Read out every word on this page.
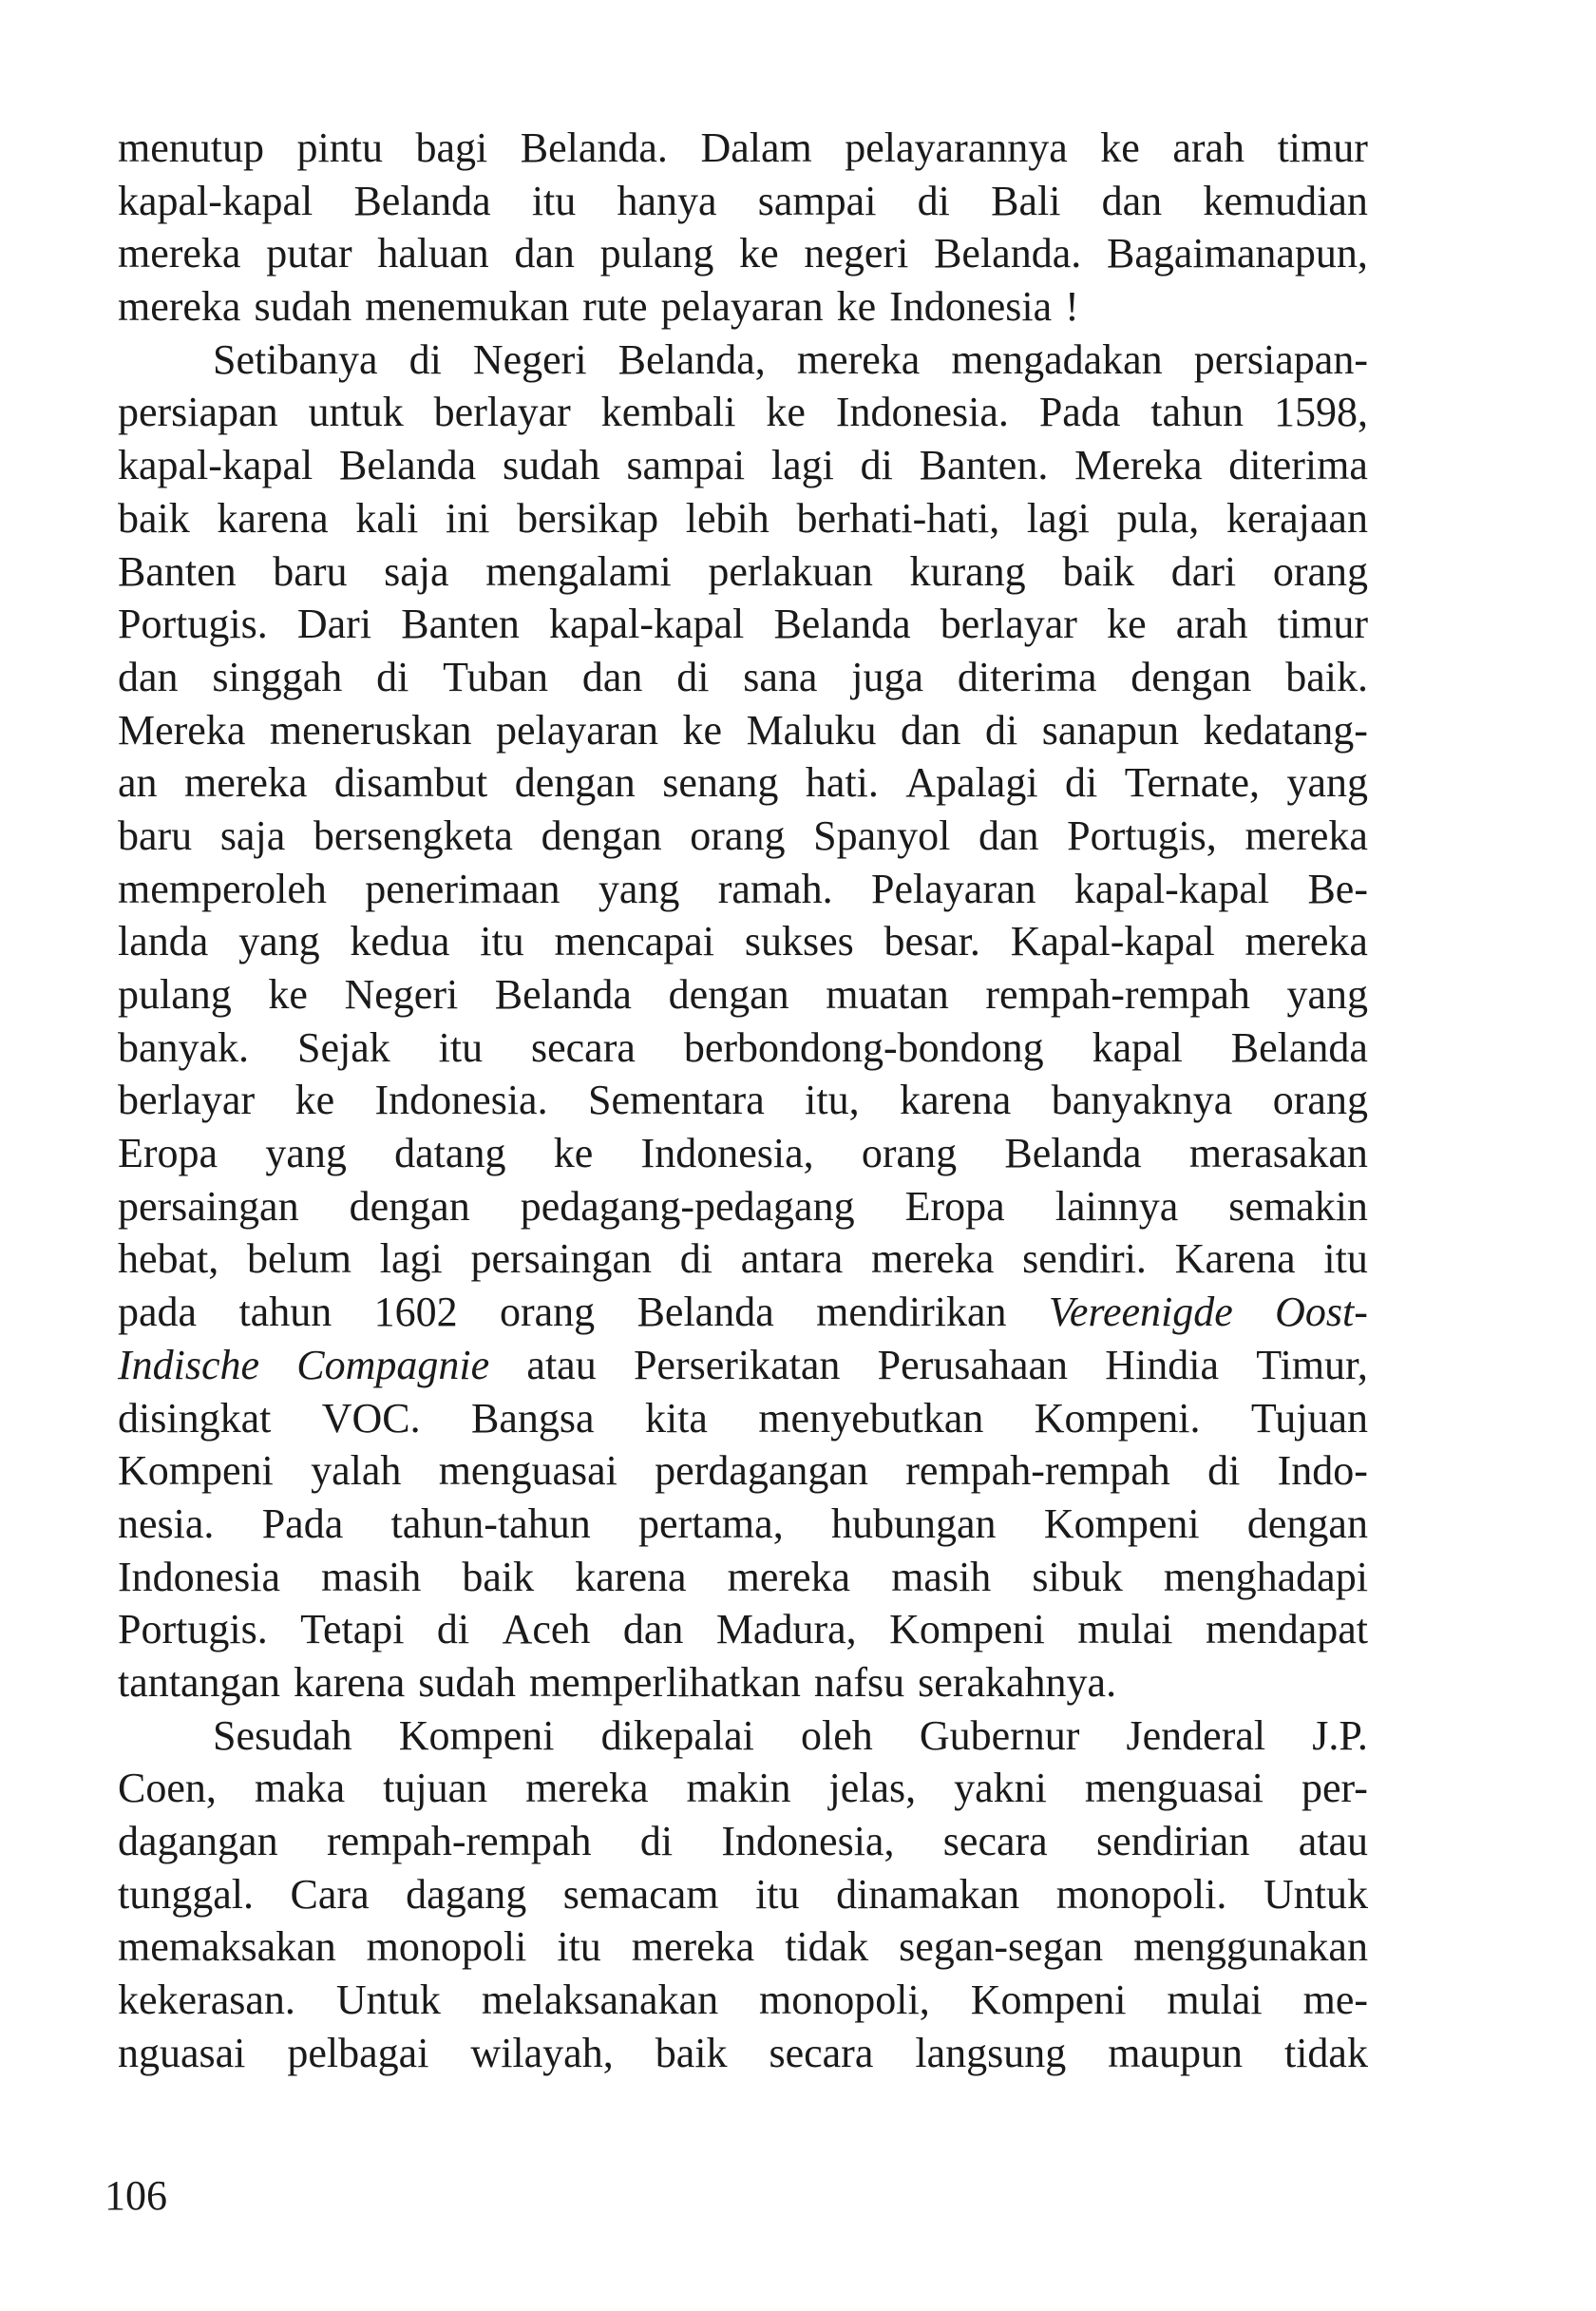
menutup pintu bagi Belanda. Dalam pelayarannya ke arah timur
kapal-kapal Belanda itu hanya sampai di Bali dan kemudian
mereka putar haluan dan pulang ke negeri Belanda. Bagaimanapun,
mereka sudah menemukan rute pelayaran ke Indonesia !
Setibanya di Negeri Belanda, mereka mengadakan persiapan-
persiapan untuk berlayar kembali ke Indonesia. Pada tahun 1598,
kapal-kapal Belanda sudah sampai lagi di Banten. Mereka diterima
baik karena kali ini bersikap lebih berhati-hati, lagi pula, kerajaan
Banten baru saja mengalami perlakuan kurang baik dari orang
Portugis. Dari Banten kapal-kapal Belanda berlayar ke arah timur
dan singgah di Tuban dan di sana juga diterima dengan baik.
Mereka meneruskan pelayaran ke Maluku dan di sanapun kedatang-
an mereka disambut dengan senang hati. Apalagi di Ternate, yang
baru saja bersengketa dengan orang Spanyol dan Portugis, mereka
memperoleh penerimaan yang ramah. Pelayaran kapal-kapal Be-
landa yang kedua itu mencapai sukses besar. Kapal-kapal mereka
pulang ke Negeri Belanda dengan muatan rempah-rempah yang
banyak. Sejak itu secara berbondong-bondong kapal Belanda
berlayar ke Indonesia. Sementara itu, karena banyaknya orang
Eropa yang datang ke Indonesia, orang Belanda merasakan
persaingan dengan pedagang-pedagang Eropa lainnya semakin
hebat, belum lagi persaingan di antara mereka sendiri. Karena itu
pada tahun 1602 orang Belanda mendirikan Vereenigde Oost-
Indische Compagnie atau Perserikatan Perusahaan Hindia Timur,
disingkat VOC. Bangsa kita menyebutkan Kompeni. Tujuan
Kompeni yalah menguasai perdagangan rempah-rempah di Indo-
nesia. Pada tahun-tahun pertama, hubungan Kompeni dengan
Indonesia masih baik karena mereka masih sibuk menghadapi
Portugis. Tetapi di Aceh dan Madura, Kompeni mulai mendapat
tantangan karena sudah memperlihatkan nafsu serakahnya.
Sesudah Kompeni dikepalai oleh Gubernur Jenderal J.P.
Coen, maka tujuan mereka makin jelas, yakni menguasai per-
dagangan rempah-rempah di Indonesia, secara sendirian atau
tunggal. Cara dagang semacam itu dinamakan monopoli. Untuk
memaksakan monopoli itu mereka tidak segan-segan menggunakan
kekerasan. Untuk melaksanakan monopoli, Kompeni mulai me-
nguasai pelbagai wilayah, baik secara langsung maupun tidak
106
